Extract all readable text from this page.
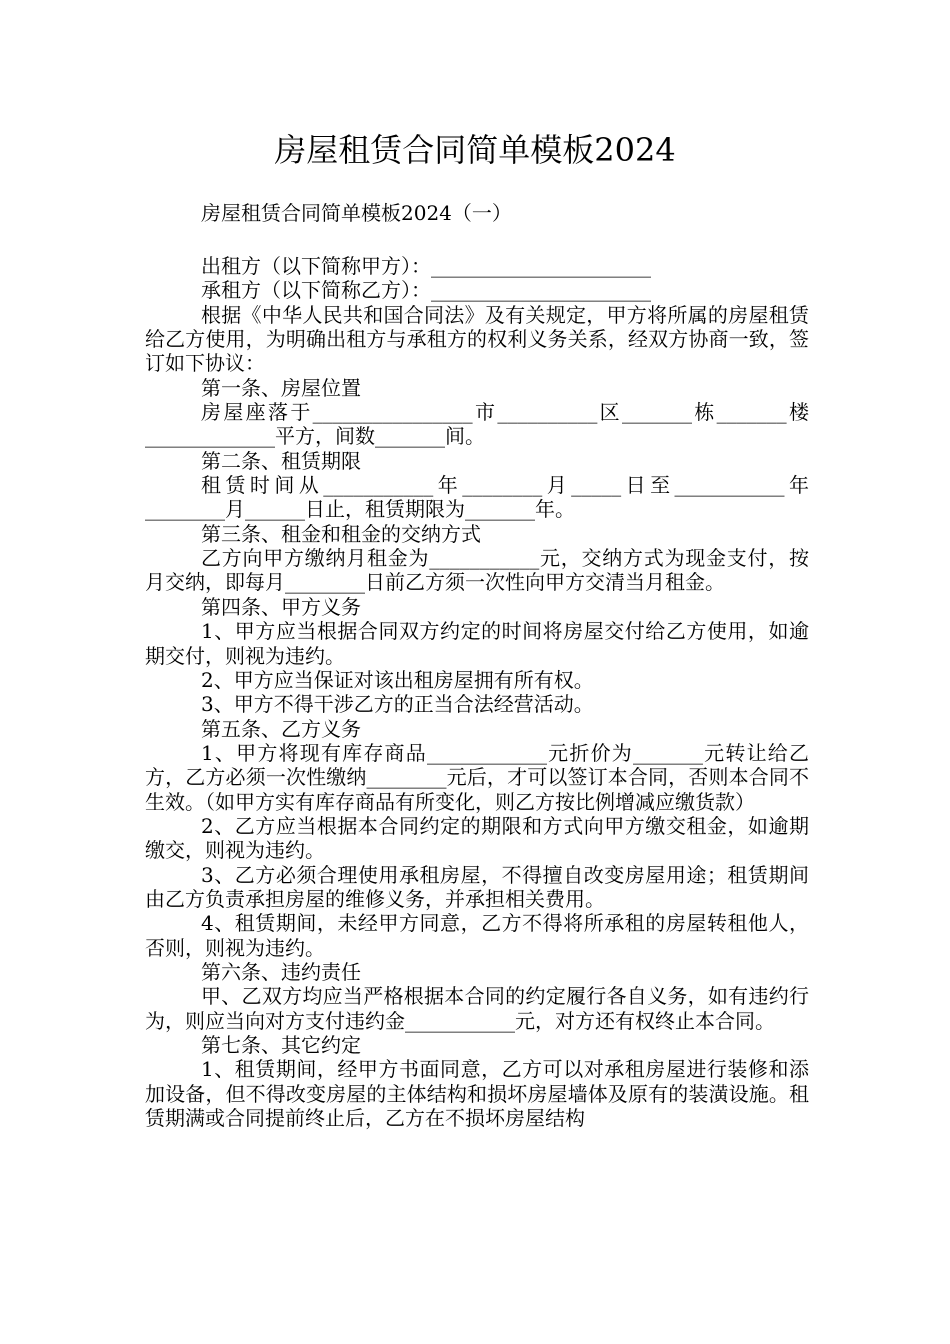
房屋租赁合同简单模板2024
房屋租赁合同简单模板2024（一）

出租方（以下简称甲方）：______________________

承租方（以下简称乙方）：______________________

根据《中华人民共和国合同法》及有关规定，甲方将所属的房屋租赁给乙方使用，为明确出租方与承租方的权利义务关系，经双方协商一致，签订如下协议：

第一条、房屋位置

房屋座落于________________市__________区_______栋_______楼_____________平方，间数_______间。

第二条、租赁期限

租赁时间从___________年________月_____日至___________年________月______日止，租赁期限为_______年。

第三条、租金和租金的交纳方式

乙方向甲方缴纳月租金为___________元，交纳方式为现金支付，按月交纳，即每月________日前乙方须一次性向甲方交清当月租金。

第四条、甲方义务

1、甲方应当根据合同双方约定的时间将房屋交付给乙方使用，如逾期交付，则视为违约。

2、甲方应当保证对该出租房屋拥有所有权。

3、甲方不得干涉乙方的正当合法经营活动。

第五条、乙方义务

1、甲方将现有库存商品____________元折价为_______元转让给乙方，乙方必须一次性缴纳________元后，才可以签订本合同，否则本合同不生效。（如甲方实有库存商品有所变化，则乙方按比例增减应缴货款）

2、乙方应当根据本合同约定的期限和方式向甲方缴交租金，如逾期缴交，则视为违约。

3、乙方必须合理使用承租房屋，不得擅自改变房屋用途；租赁期间由乙方负责承担房屋的维修义务，并承担相关费用。

4、租赁期间，未经甲方同意，乙方不得将所承租的房屋转租他人，否则，则视为违约。

第六条、违约责任

甲、乙双方均应当严格根据本合同的约定履行各自义务，如有违约行为，则应当向对方支付违约金___________元，对方还有权终止本合同。

第七条、其它约定

1、租赁期间，经甲方书面同意，乙方可以对承租房屋进行装修和添加设备，但不得改变房屋的主体结构和损坏房屋墙体及原有的装潢设施。租赁期满或合同提前终止后，乙方在不损坏房屋结构
